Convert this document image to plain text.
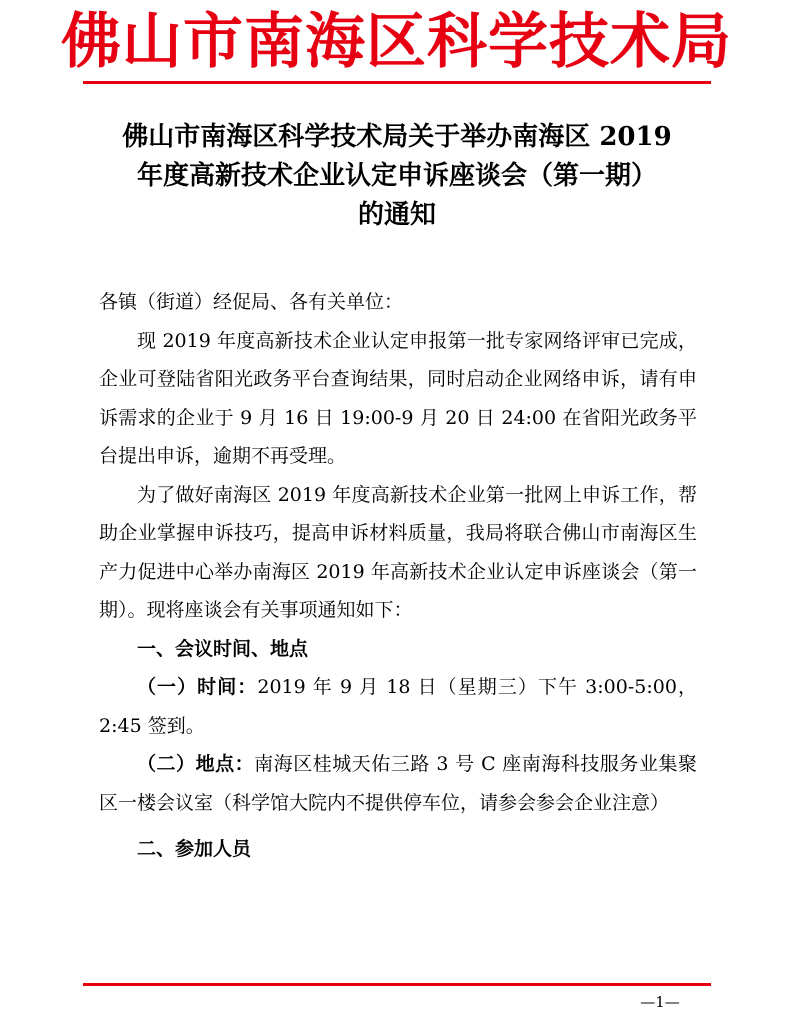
佛山市南海区科学技术局
佛山市南海区科学技术局关于举办南海区 2019
年度高新技术企业认定申诉座谈会（第一期）
的通知

各镇（街道）经促局、各有关单位：

现 2019 年度高新技术企业认定申报第一批专家网络评审已完成，企业可登陆省阳光政务平台查询结果，同时启动企业网络申诉，请有申诉需求的企业于 9 月 16 日 19:00-9 月 20 日 24:00 在省阳光政务平台提出申诉，逾期不再受理。

为了做好南海区 2019 年度高新技术企业第一批网上申诉工作，帮助企业掌握申诉技巧，提高申诉材料质量，我局将联合佛山市南海区生产力促进中心举办南海区 2019 年高新技术企业认定申诉座谈会（第一期）。现将座谈会有关事项通知如下：

一、会议时间、地点

（一）时间：2019 年 9 月 18 日（星期三）下午 3:00-5:00，2:45 签到。

（二）地点：南海区桂城天佑三路 3 号 C 座南海科技服务业集聚区一楼会议室（科学馆大院内不提供停车位，请参会参会企业注意）

二、参加人员

—1—
